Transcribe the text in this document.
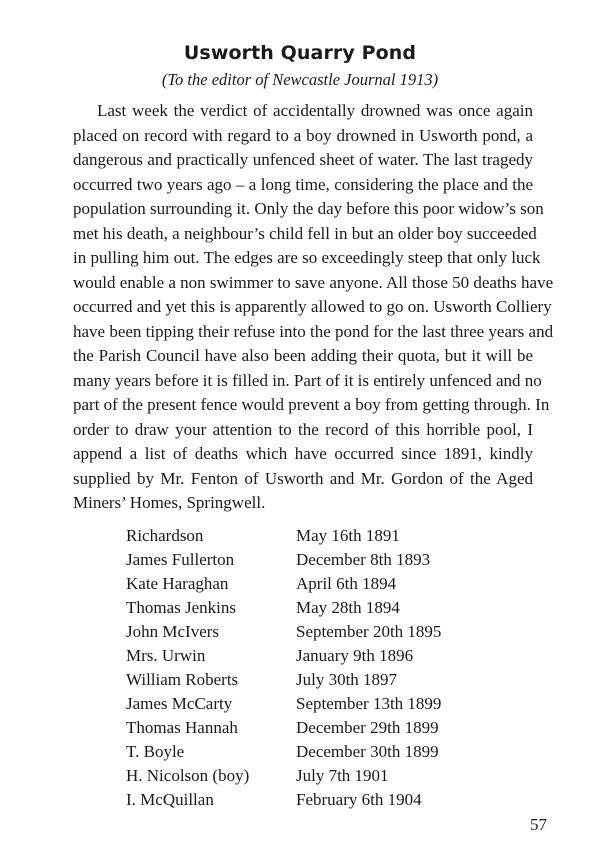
Usworth Quarry Pond
(To the editor of Newcastle Journal 1913)
Last week the verdict of accidentally drowned was once again
placed on record with regard to a boy drowned in Usworth pond, a
dangerous and practically unfenced sheet of water. The last tragedy
occurred two years ago – a long time, considering the place and the
population surrounding it. Only the day before this poor widow’s son
met his death, a neighbour’s child fell in but an older boy succeeded
in pulling him out. The edges are so exceedingly steep that only luck
would enable a non swimmer to save anyone. All those 50 deaths have
occurred and yet this is apparently allowed to go on. Usworth Colliery
have been tipping their refuse into the pond for the last three years and
the Parish Council have also been adding their quota, but it will be
many years before it is filled in. Part of it is entirely unfenced and no
part of the present fence would prevent a boy from getting through. In
order to draw your attention to the record of this horrible pool, I
append a list of deaths which have occurred since 1891, kindly
supplied by Mr. Fenton of Usworth and Mr. Gordon of the Aged
Miners’ Homes, Springwell.
Richardson	May 16th 1891
James Fullerton	December 8th 1893
Kate Haraghan	April 6th 1894
Thomas Jenkins	May 28th 1894
John McIvers	September 20th 1895
Mrs. Urwin	January 9th 1896
William Roberts	July 30th 1897
James McCarty	September 13th 1899
Thomas Hannah	December 29th 1899
T. Boyle	December 30th 1899
H. Nicolson (boy)	July 7th 1901
I. McQuillan	February 6th 1904
57
